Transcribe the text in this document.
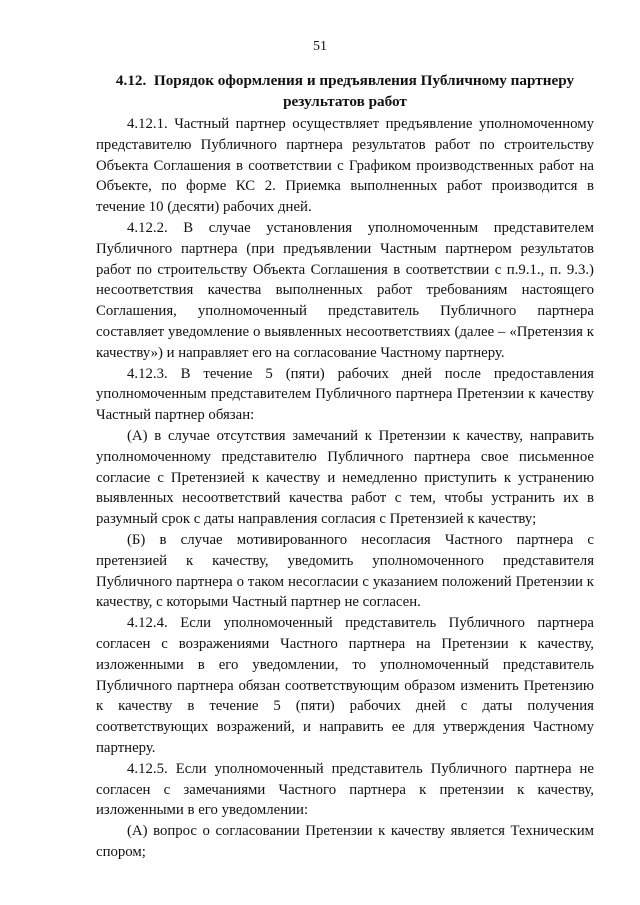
51
4.12. Порядок оформления и предъявления Публичному партнеру
результатов работ

4.12.1. Частный партнер осуществляет предъявление уполномоченному представителю Публичного партнера результатов работ по строительству Объекта Соглашения в соответствии с Графиком производственных работ на Объекте, по форме КС 2. Приемка выполненных работ производится в течение 10 (десяти) рабочих дней.

4.12.2. В случае установления уполномоченным представителем Публичного партнера (при предъявлении Частным партнером результатов работ по строительству Объекта Соглашения в соответствии с п.9.1., п. 9.3.) несоответствия качества выполненных работ требованиям настоящего Соглашения, уполномоченный представитель Публичного партнера составляет уведомление о выявленных несоответствиях (далее – «Претензия к качеству») и направляет его на согласование Частному партнеру.

4.12.3. В течение 5 (пяти) рабочих дней после предоставления уполномоченным представителем Публичного партнера Претензии к качеству Частный партнер обязан:

(А) в случае отсутствия замечаний к Претензии к качеству, направить уполномоченному представителю Публичного партнера свое письменное согласие с Претензией к качеству и немедленно приступить к устранению выявленных несоответствий качества работ с тем, чтобы устранить их в разумный срок с даты направления согласия с Претензией к качеству;

(Б) в случае мотивированного несогласия Частного партнера с претензией к качеству, уведомить уполномоченного представителя Публичного партнера о таком несогласии с указанием положений Претензии к качеству, с которыми Частный партнер не согласен.

4.12.4. Если уполномоченный представитель Публичного партнера согласен с возражениями Частного партнера на Претензии к качеству, изложенными в его уведомлении, то уполномоченный представитель Публичного партнера обязан соответствующим образом изменить Претензию к качеству в течение 5 (пяти) рабочих дней с даты получения соответствующих возражений, и направить ее для утверждения Частному партнеру.

4.12.5. Если уполномоченный представитель Публичного партнера не согласен с замечаниями Частного партнера к претензии к качеству, изложенными в его уведомлении:

(А) вопрос о согласовании Претензии к качеству является Техническим спором;
